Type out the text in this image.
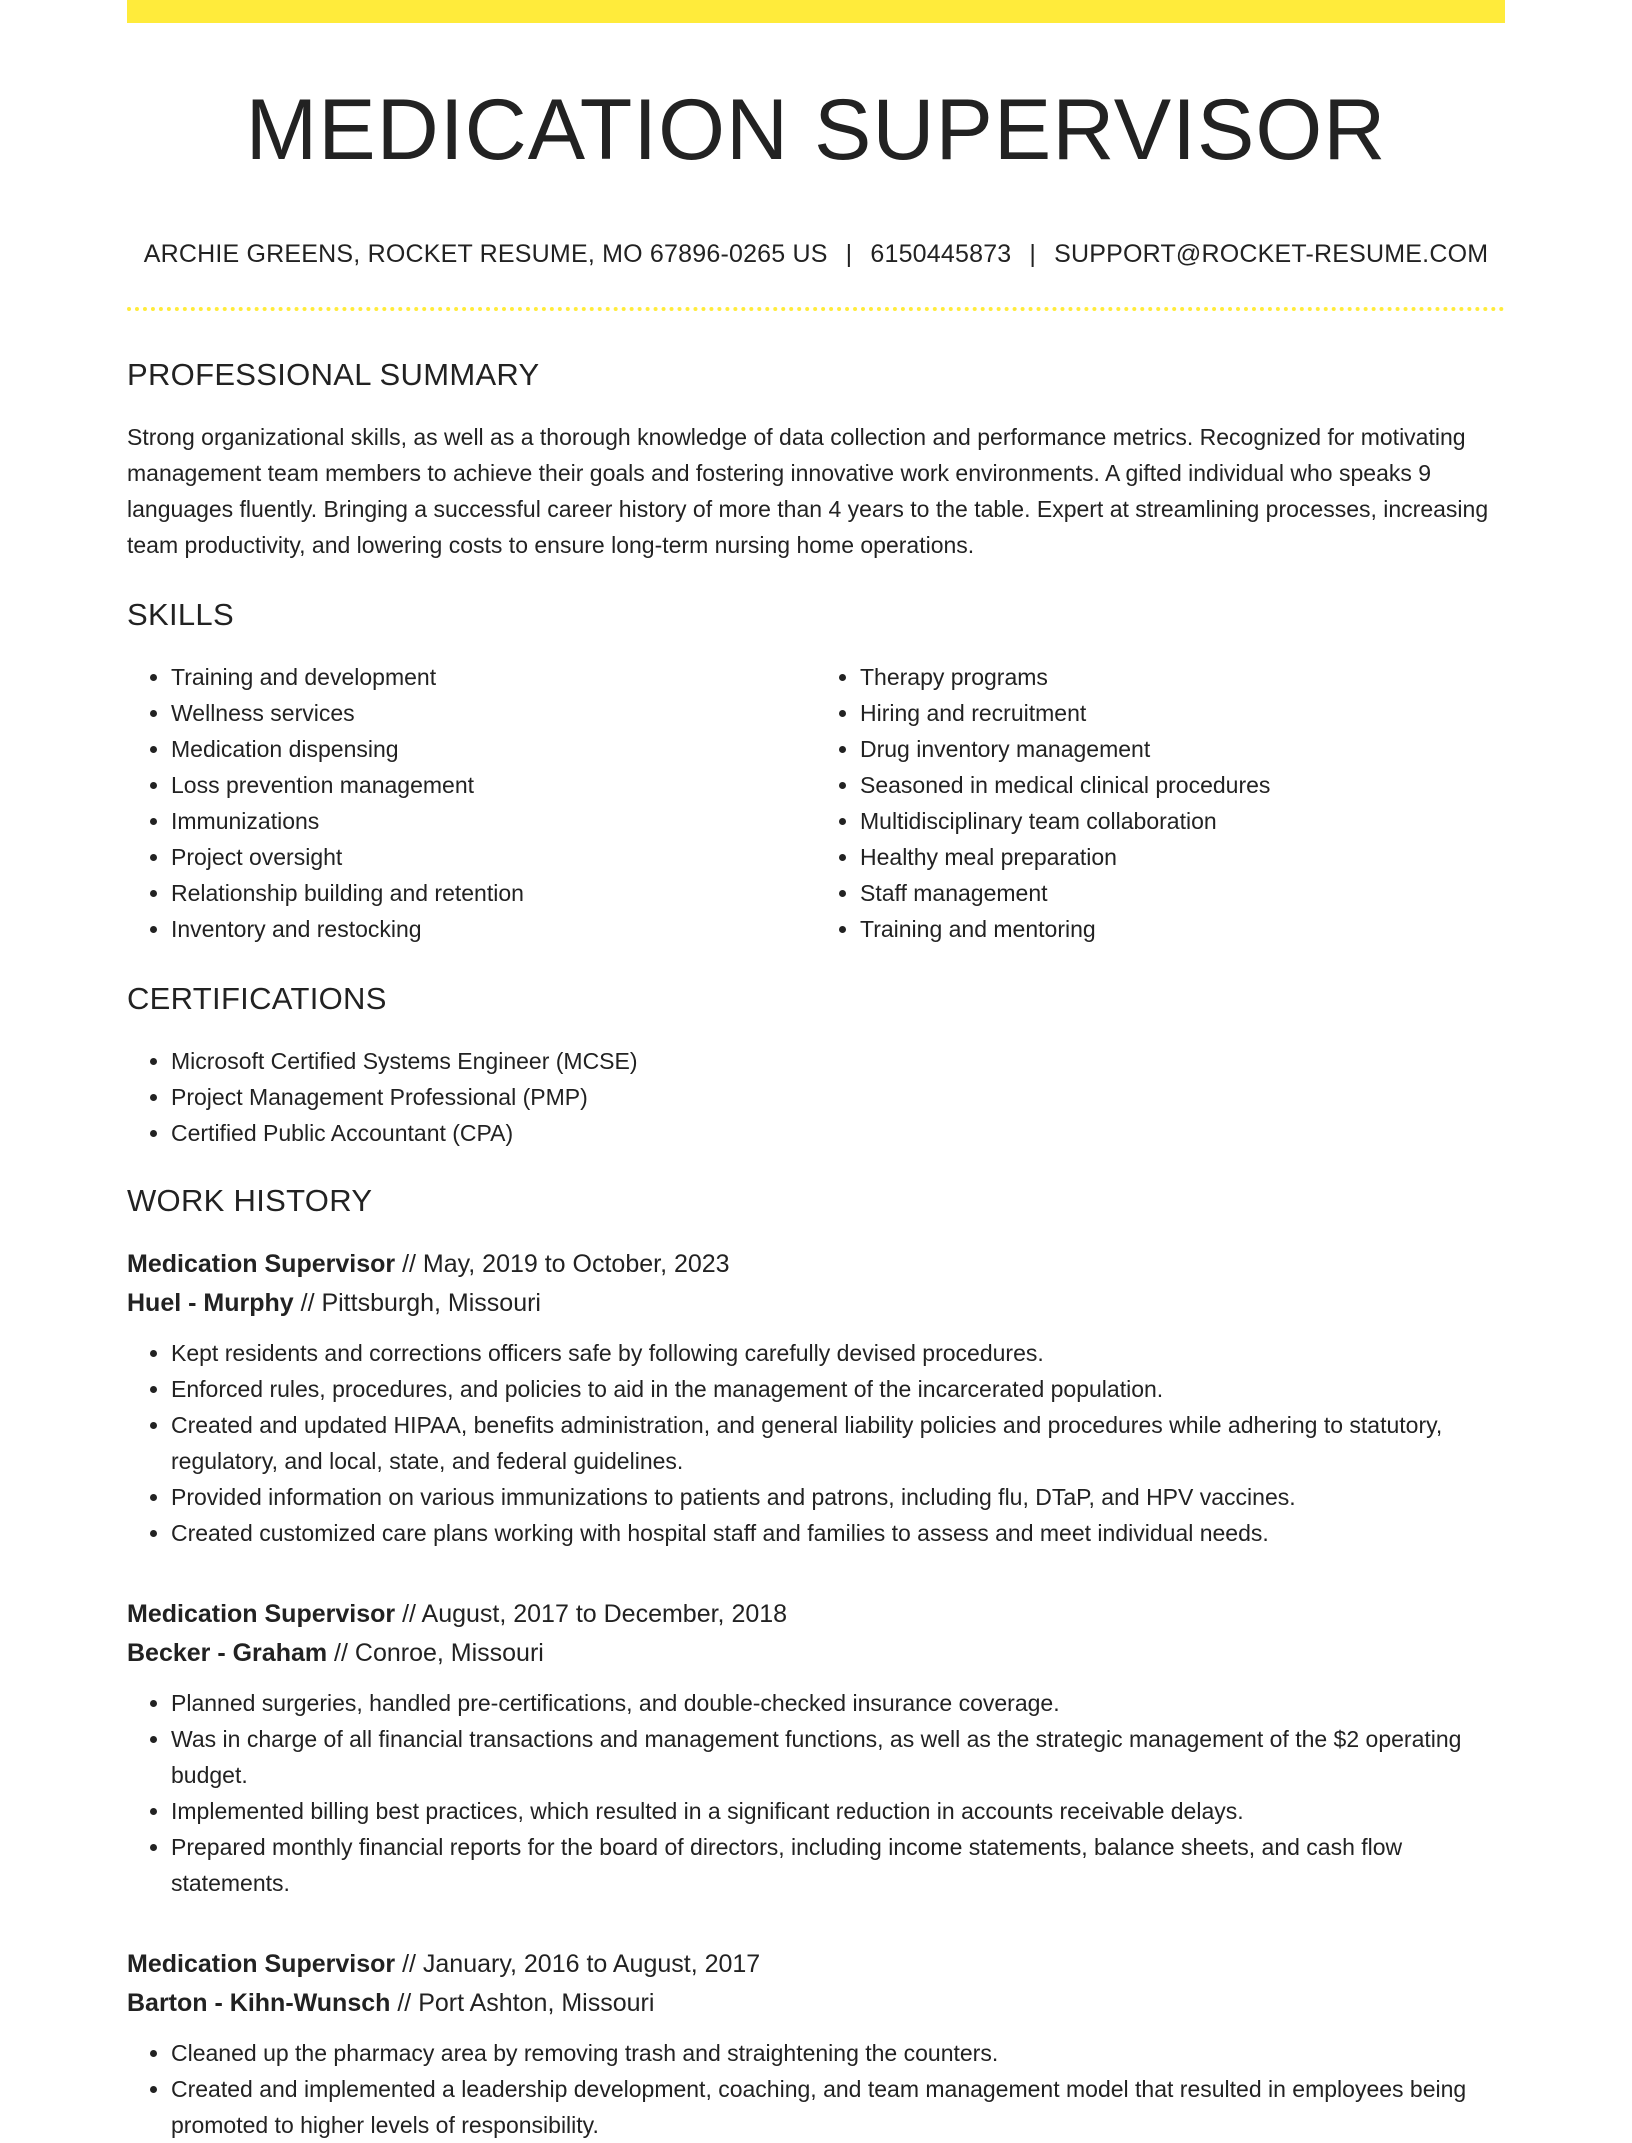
MEDICATION SUPERVISOR
ARCHIE GREENS, ROCKET RESUME, MO 67896-0265 US | 6150445873 | SUPPORT@ROCKET-RESUME.COM
PROFESSIONAL SUMMARY
Strong organizational skills, as well as a thorough knowledge of data collection and performance metrics. Recognized for motivating management team members to achieve their goals and fostering innovative work environments. A gifted individual who speaks 9 languages fluently. Bringing a successful career history of more than 4 years to the table. Expert at streamlining processes, increasing team productivity, and lowering costs to ensure long-term nursing home operations.
SKILLS
• Training and development
• Wellness services
• Medication dispensing
• Loss prevention management
• Immunizations
• Project oversight
• Relationship building and retention
• Inventory and restocking
• Therapy programs
• Hiring and recruitment
• Drug inventory management
• Seasoned in medical clinical procedures
• Multidisciplinary team collaboration
• Healthy meal preparation
• Staff management
• Training and mentoring
CERTIFICATIONS
• Microsoft Certified Systems Engineer (MCSE)
• Project Management Professional (PMP)
• Certified Public Accountant (CPA)
WORK HISTORY
Medication Supervisor // May, 2019 to October, 2023
Huel - Murphy // Pittsburgh, Missouri
• Kept residents and corrections officers safe by following carefully devised procedures.
• Enforced rules, procedures, and policies to aid in the management of the incarcerated population.
• Created and updated HIPAA, benefits administration, and general liability policies and procedures while adhering to statutory, regulatory, and local, state, and federal guidelines.
• Provided information on various immunizations to patients and patrons, including flu, DTaP, and HPV vaccines.
• Created customized care plans working with hospital staff and families to assess and meet individual needs.
Medication Supervisor // August, 2017 to December, 2018
Becker - Graham // Conroe, Missouri
• Planned surgeries, handled pre-certifications, and double-checked insurance coverage.
• Was in charge of all financial transactions and management functions, as well as the strategic management of the $2 operating budget.
• Implemented billing best practices, which resulted in a significant reduction in accounts receivable delays.
• Prepared monthly financial reports for the board of directors, including income statements, balance sheets, and cash flow statements.
Medication Supervisor // January, 2016 to August, 2017
Barton - Kihn-Wunsch // Port Ashton, Missouri
• Cleaned up the pharmacy area by removing trash and straightening the counters.
• Created and implemented a leadership development, coaching, and team management model that resulted in employees being promoted to higher levels of responsibility.
